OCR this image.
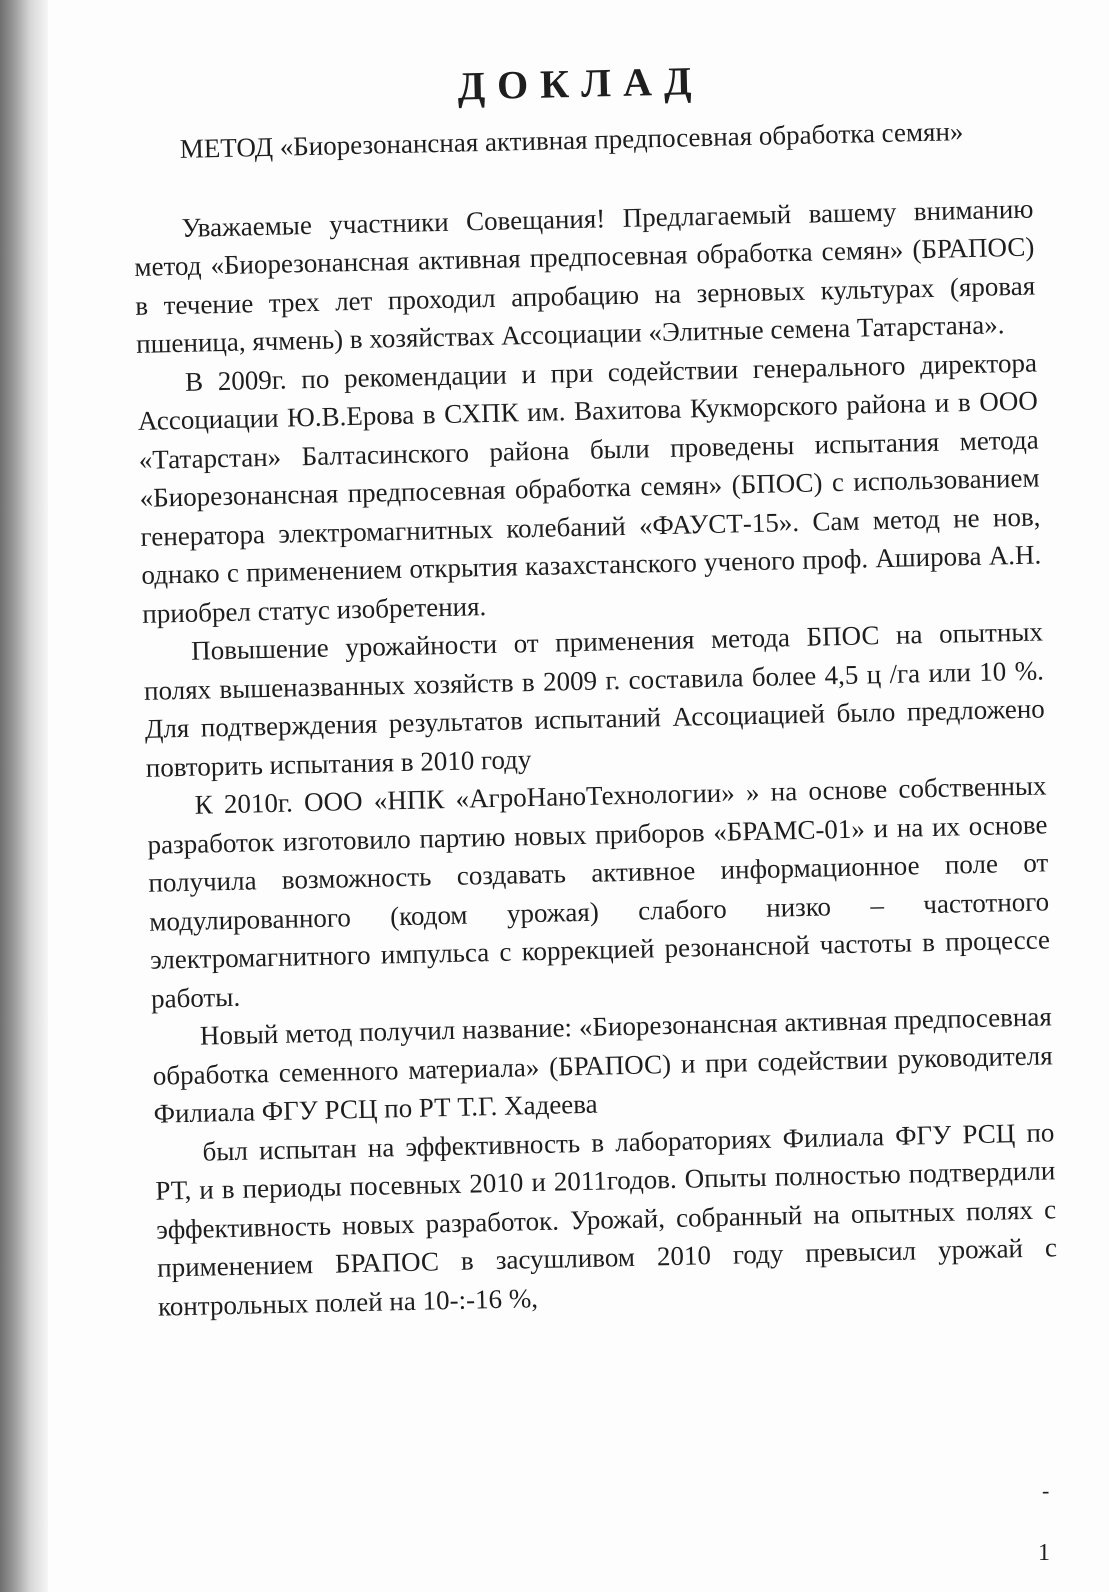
ДОКЛАД

МЕТОД «Биорезонансная активная предпосевная обработка семян»

Уважаемые участники Совещания! Предлагаемый вашему вниманию метод «Биорезонансная активная предпосевная обработка семян» (БРАПОС) в течение трех лет проходил апробацию на зерновых культурах (яровая пшеница, ячмень) в хозяйствах Ассоциации «Элитные семена Татарстана».

В 2009г. по рекомендации и при содействии генерального директора Ассоциации Ю.В.Ерова в СХПК им. Вахитова Кукморского района и в ООО «Татарстан» Балтасинского района были проведены испытания метода «Биорезонансная предпосевная обработка семян» (БПОС) с использованием генератора электромагнитных колебаний «ФАУСТ-15». Сам метод не нов, однако с применением открытия казахстанского ученого проф. Аширова А.Н. приобрел статус изобретения.

Повышение урожайности от применения метода БПОС на опытных полях вышеназванных хозяйств в 2009 г. составила более 4,5 ц /га или 10 %. Для подтверждения результатов испытаний Ассоциацией было предложено повторить испытания в 2010 году

К 2010г. ООО «НПК «АгроНаноТехнологии» » на основе собственных разработок изготовило партию новых приборов «БРАМС-01» и на их основе получила возможность создавать активное информационное поле от модулированного (кодом урожая) слабого низко – частотного электромагнитного импульса с коррекцией резонансной частоты в процессе работы.

Новый метод получил название: «Биорезонансная активная предпосевная обработка семенного материала» (БРАПОС) и при содействии руководителя Филиала ФГУ РСЦ по РТ Т.Г. Хадеева

был испытан на эффективность в лабораториях Филиала ФГУ РСЦ по РТ, и в периоды посевных 2010 и 2011годов. Опыты полностью подтвердили эффективность новых разработок. Урожай, собранный на опытных полях с применением БРАПОС в засушливом 2010 году превысил урожай с контрольных полей на 10-:-16 %,

-
1
